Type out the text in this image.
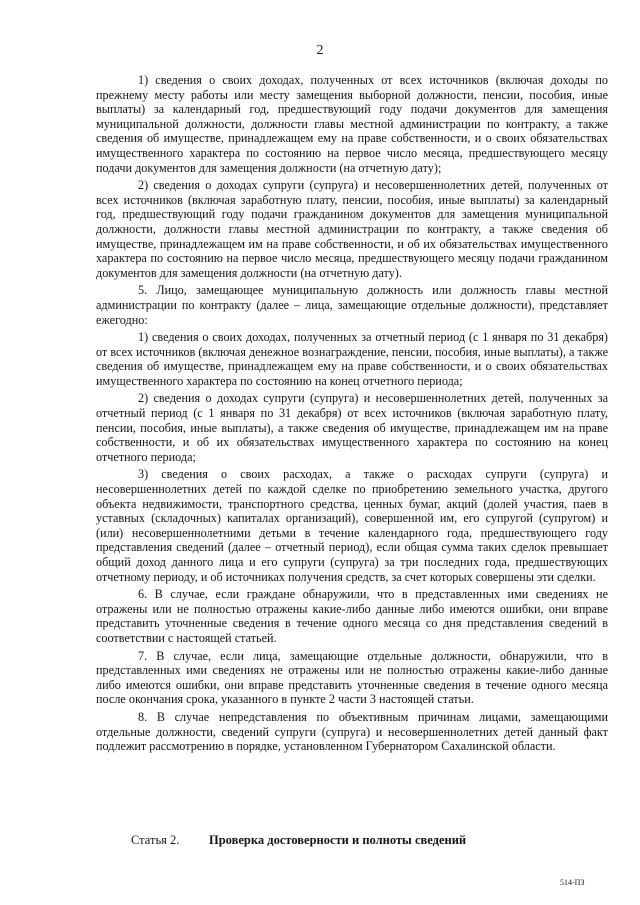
2

1) сведения о своих доходах, полученных от всех источников (включая доходы по прежнему месту работы или месту замещения выборной должности, пенсии, пособия, иные выплаты) за календарный год, предшествующий году подачи документов для замещения муниципальной должности, должности главы местной администрации по контракту, а также сведения об имуществе, принадлежащем ему на праве собственности, и о своих обязательствах имущественного характера по состоянию на первое число месяца, предшествующего месяцу подачи документов для замещения должности (на отчетную дату);

2) сведения о доходах супруги (супруга) и несовершеннолетних детей, полученных от всех источников (включая заработную плату, пенсии, пособия, иные выплаты) за календарный год, предшествующий году подачи гражданином документов для замещения муниципальной должности, должности главы местной администрации по контракту, а также сведения об имуществе, принадлежащем им на праве собственности, и об их обязательствах имущественного характера по состоянию на первое число месяца, предшествующего месяцу подачи гражданином документов для замещения должности (на отчетную дату).

5. Лицо, замещающее муниципальную должность или должность главы местной администрации по контракту (далее – лица, замещающие отдельные должности), представляет ежегодно:

1) сведения о своих доходах, полученных за отчетный период (с 1 января по 31 декабря) от всех источников (включая денежное вознаграждение, пенсии, пособия, иные выплаты), а также сведения об имуществе, принадлежащем ему на праве собственности, и о своих обязательствах имущественного характера по состоянию на конец отчетного периода;

2) сведения о доходах супруги (супруга) и несовершеннолетних детей, полученных за отчетный период (с 1 января по 31 декабря) от всех источников (включая заработную плату, пенсии, пособия, иные выплаты), а также сведения об имуществе, принадлежащем им на праве собственности, и об их обязательствах имущественного характера по состоянию на конец отчетного периода;

3) сведения о своих расходах, а также о расходах супруги (супруга) и несовершеннолетних детей по каждой сделке по приобретению земельного участка, другого объекта недвижимости, транспортного средства, ценных бумаг, акций (долей участия, паев в уставных (складочных) капиталах организаций), совершенной им, его супругой (супругом) и (или) несовершеннолетними детьми в течение календарного года, предшествующего году представления сведений (далее – отчетный период), если общая сумма таких сделок превышает общий доход данного лица и его супруги (супруга) за три последних года, предшествующих отчетному периоду, и об источниках получения средств, за счет которых совершены эти сделки.

6. В случае, если граждане обнаружили, что в представленных ими сведениях не отражены или не полностью отражены какие-либо данные либо имеются ошибки, они вправе представить уточненные сведения в течение одного месяца со дня представления сведений в соответствии с настоящей статьей.

7. В случае, если лица, замещающие отдельные должности, обнаружили, что в представленных ими сведениях не отражены или не полностью отражены какие-либо данные либо имеются ошибки, они вправе представить уточненные сведения в течение одного месяца после окончания срока, указанного в пункте 2 части 3 настоящей статьи.

8. В случае непредставления по объективным причинам лицами, замещающими отдельные должности, сведений супруги (супруга) и несовершеннолетних детей данный факт подлежит рассмотрению в порядке, установленном Губернатором Сахалинской области.

Статья 2. Проверка достоверности и полноты сведений
514-ПЗ
